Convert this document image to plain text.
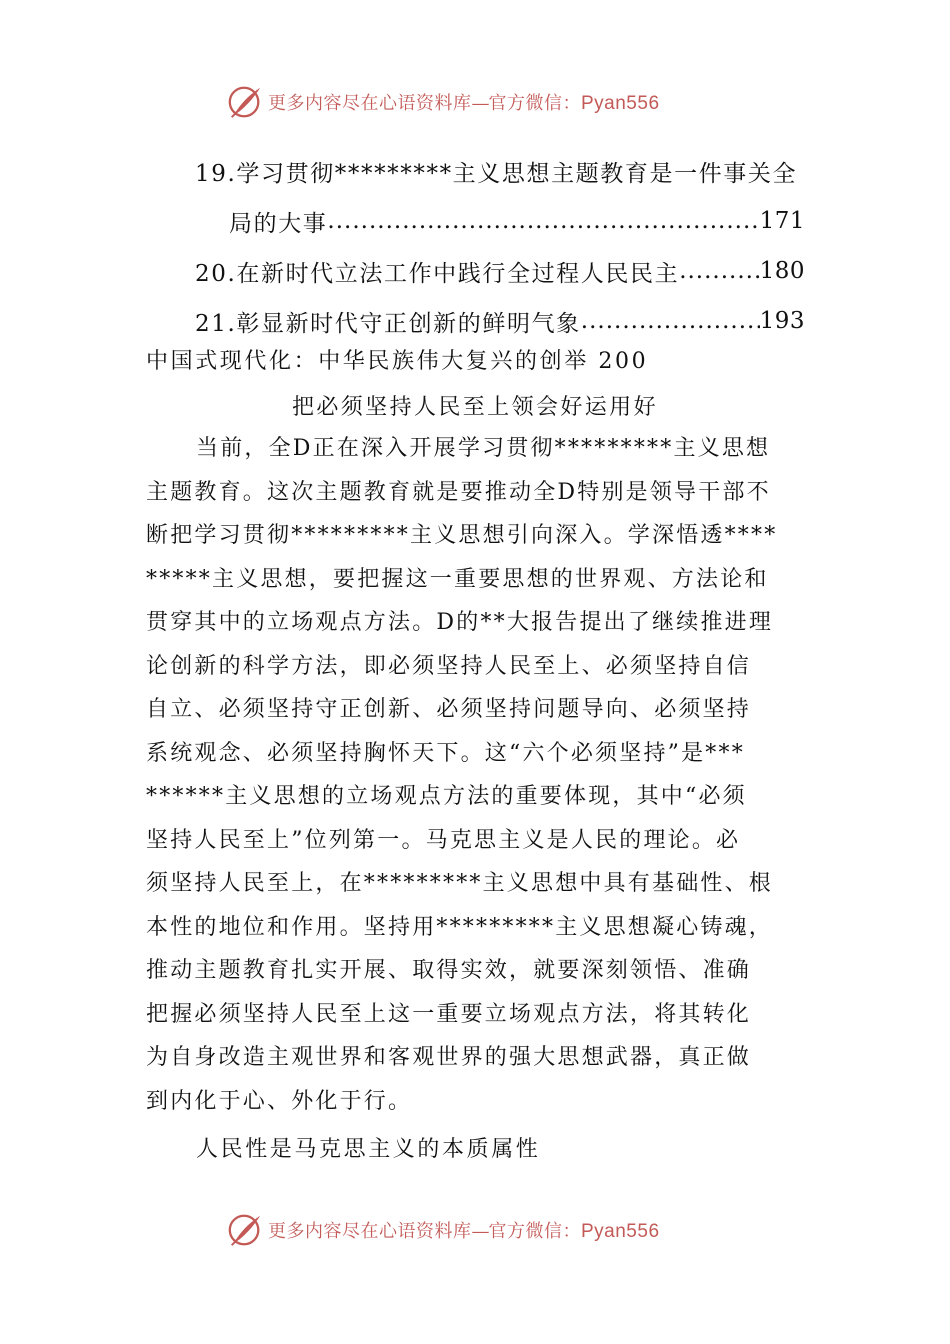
更多内容尽在心语资料库—官方微信：Pyan556
19.学习贯彻*********主义思想主题教育是一件事关全
局的大事 .....	171
20.在新时代立法工作中践行全过程人民民主 .....	180
21.彰显新时代守正创新的鲜明气象 .....	193
中国式现代化：中华民族伟大复兴的创举 200
把必须坚持人民至上领会好运用好
当前，全D正在深入开展学习贯彻*********主义思想
主题教育。这次主题教育就是要推动全D特别是领导干部不
断把学习贯彻*********主义思想引向深入。学深悟透****
*****主义思想，要把握这一重要思想的世界观、方法论和
贯穿其中的立场观点方法。D的**大报告提出了继续推进理
论创新的科学方法，即必须坚持人民至上、必须坚持自信
自立、必须坚持守正创新、必须坚持问题导向、必须坚持
系统观念、必须坚持胸怀天下。这“六个必须坚持”是***
******主义思想的立场观点方法的重要体现，其中“必须
坚持人民至上”位列第一。马克思主义是人民的理论。必
须坚持人民至上，在*********主义思想中具有基础性、根
本性的地位和作用。坚持用*********主义思想凝心铸魂，
推动主题教育扎实开展、取得实效，就要深刻领悟、准确
把握必须坚持人民至上这一重要立场观点方法，将其转化
为自身改造主观世界和客观世界的强大思想武器，真正做
到内化于心、外化于行。
人民性是马克思主义的本质属性
更多内容尽在心语资料库—官方微信：Pyan556
